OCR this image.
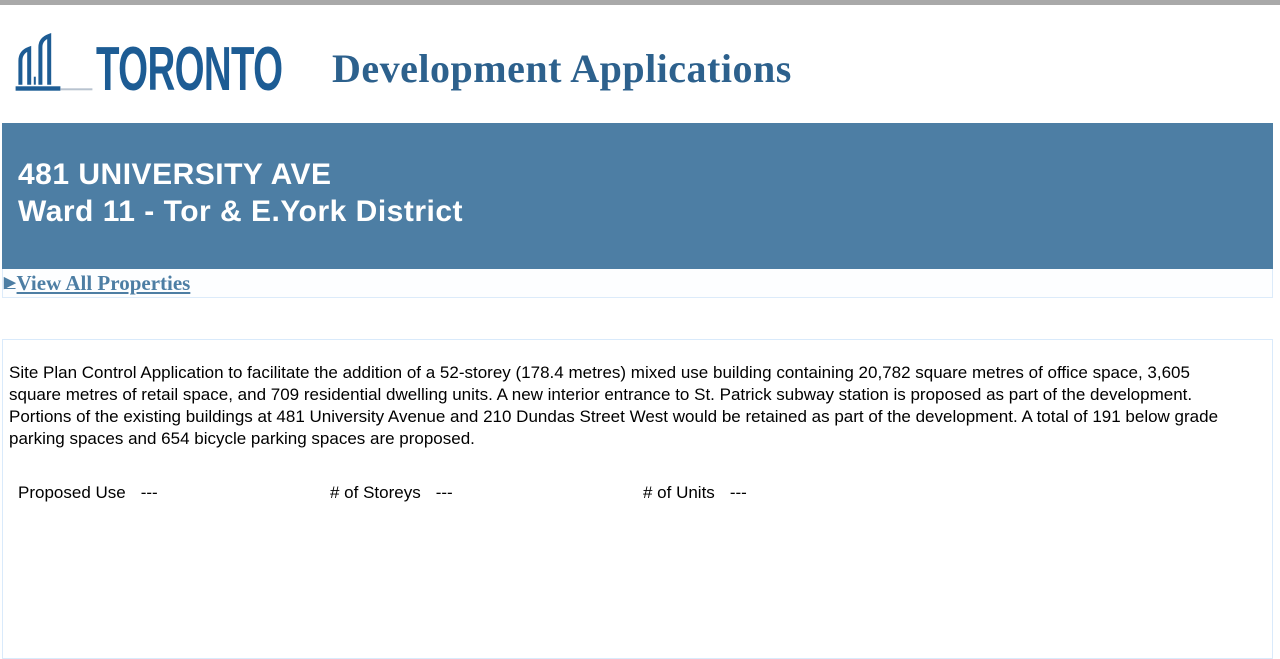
TORONTO Development Applications
481 UNIVERSITY AVE
Ward 11 - Tor & E.York District
▶ View All Properties

Site Plan Control Application to facilitate the addition of a 52-storey (178.4 metres) mixed use building containing 20,782 square metres of office space, 3,605 square metres of retail space, and 709 residential dwelling units. A new interior entrance to St. Patrick subway station is proposed as part of the development. Portions of the existing buildings at 481 University Avenue and 210 Dundas Street West would be retained as part of the development. A total of 191 below grade parking spaces and 654 bicycle parking spaces are proposed.

Proposed Use ---	# of Storeys ---	# of Units ---
